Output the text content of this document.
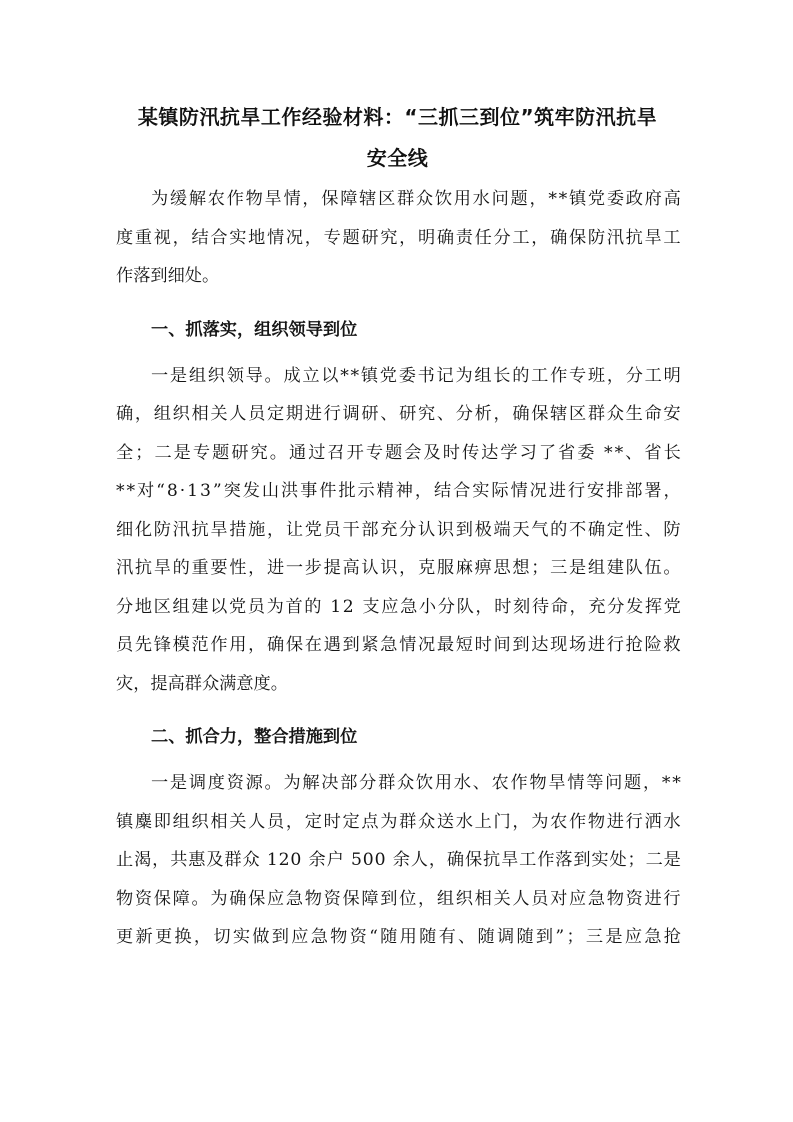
某镇防汛抗旱工作经验材料：“三抓三到位”筑牢防汛抗旱
安全线
为 缓 解 农 作 物 旱 情 ， 保 障 辖 区 群 众 饮 用 水 问 题 ， * * 镇 党 委 政 府 高
度 重 视 ， 结 合 实 地 情 况 ， 专 题 研 究 ， 明 确 责 任 分 工 ， 确 保 防 汛 抗 旱 工
作落到细处。
一、抓落实，组织领导到位
一 是 组 织 领 导 。 成 立 以 * * 镇 党 委 书 记 为 组 长 的 工 作 专 班 ， 分 工 明
确 ， 组 织 相 关 人 员 定 期 进 行 调 研 、 研 究 、 分 析 ， 确 保 辖 区 群 众 生 命 安
全 ； 二 是 专 题 研 究 。 通 过 召 开 专 题 会 及 时 传 达 学 习 了 省 委
* * 、 省 长
* * 对 “ 8 · 1 3 ” 突 发 山 洪 事 件 批 示 精 神 ， 结 合 实 际 情 况 进 行 安 排 部 署 ，
细 化 防 汛 抗 旱 措 施 ， 让 党 员 干 部 充 分 认 识 到 极 端 天 气 的 不 确 定 性 、 防
汛 抗 旱 的 重 要 性 ， 进 一 步 提 高 认 识 ， 克 服 麻 痹 思 想 ； 三 是 组 建 队 伍 。
分 地 区 组 建 以 党 员 为 首 的
1 2
支 应 急 小 分 队 ， 时 刻 待 命 ， 充 分 发 挥 党
员 先 锋 模 范 作 用 ， 确 保 在 遇 到 紧 急 情 况 最 短 时 间 到 达 现 场 进 行 抢 险 救
灾，提高群众满意度。
二、抓合力，整合措施到位
一 是 调 度 资 源 。 为 解 决 部 分 群 众 饮 用 水 、 农 作 物 旱 情 等 问 题 ， * *
镇 麋 即 组 织 相 关 人 员 ， 定 时 定 点 为 群 众 送 水 上 门 ， 为 农 作 物 进 行 洒 水
止 渴 ， 共 惠 及 群 众
1 2 0
余 户
5 0 0
余 人 ， 确 保 抗 旱 工 作 落 到 实 处 ； 二 是
物 资 保 障 。 为 确 保 应 急 物 资 保 障 到 位 ， 组 织 相 关 人 员 对 应 急 物 资 进 行
更 新 更 换 ， 切 实 做 到 应 急 物 资 “ 随 用 随 有 、 随 调 随 到 ” ； 三 是 应 急 抢
